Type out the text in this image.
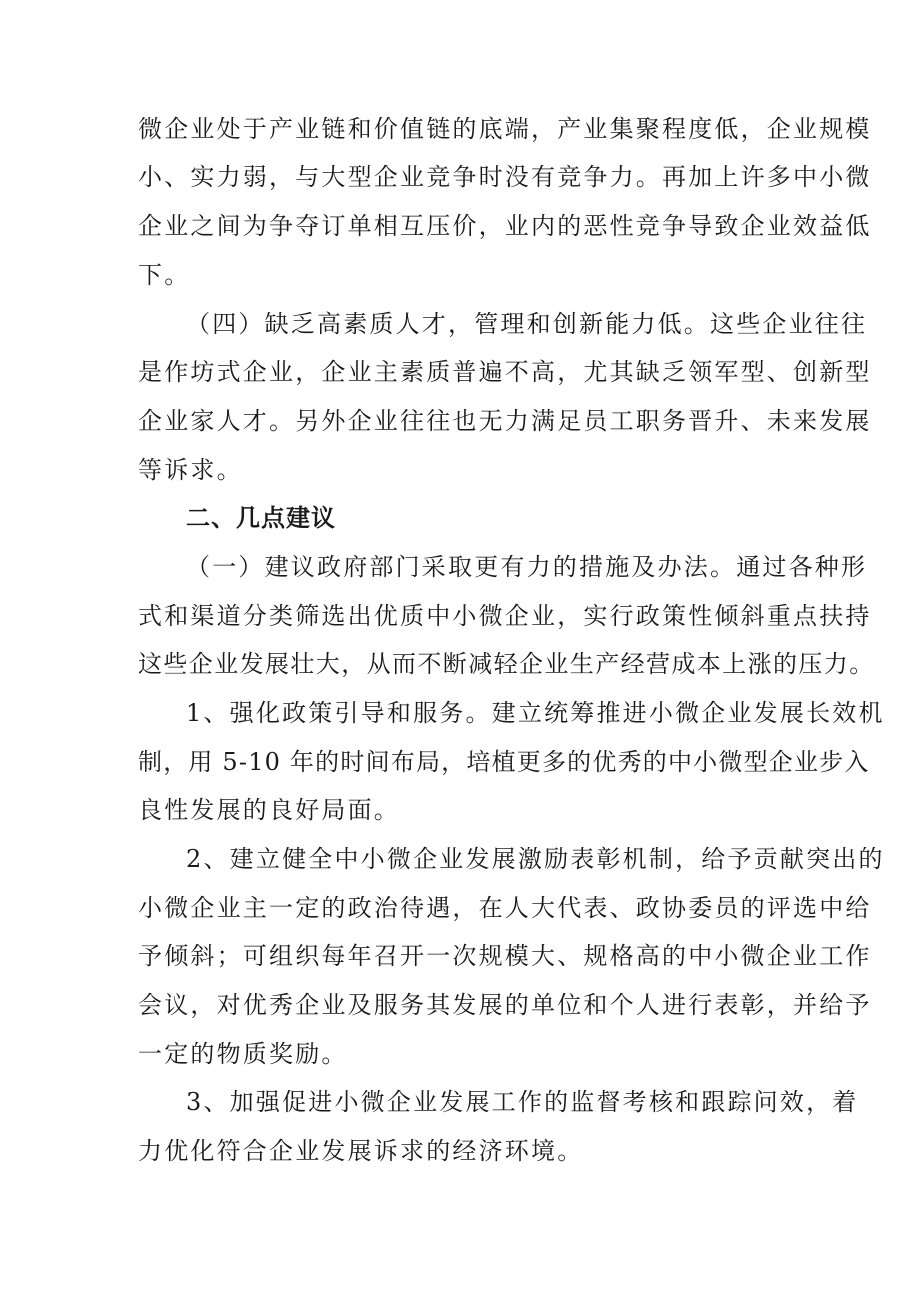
微企业处于产业链和价值链的底端，产业集聚程度低，企业规模
小、实力弱，与大型企业竞争时没有竞争力。再加上许多中小微
企业之间为争夺订单相互压价，业内的恶性竞争导致企业效益低
下。
（四）缺乏高素质人才，管理和创新能力低。这些企业往往
是作坊式企业，企业主素质普遍不高，尤其缺乏领军型、创新型
企业家人才。另外企业往往也无力满足员工职务晋升、未来发展
等诉求。
二、几点建议
（一）建议政府部门采取更有力的措施及办法。通过各种形
式和渠道分类筛选出优质中小微企业，实行政策性倾斜重点扶持
这些企业发展壮大，从而不断减轻企业生产经营成本上涨的压力。
1、强化政策引导和服务。建立统筹推进小微企业发展长效机
制，用 5-10 年的时间布局，培植更多的优秀的中小微型企业步入
良性发展的良好局面。
2、建立健全中小微企业发展激励表彰机制，给予贡献突出的
小微企业主一定的政治待遇，在人大代表、政协委员的评选中给
予倾斜；可组织每年召开一次规模大、规格高的中小微企业工作
会议，对优秀企业及服务其发展的单位和个人进行表彰，并给予
一定的物质奖励。
3、加强促进小微企业发展工作的监督考核和跟踪问效，着
力优化符合企业发展诉求的经济环境。
